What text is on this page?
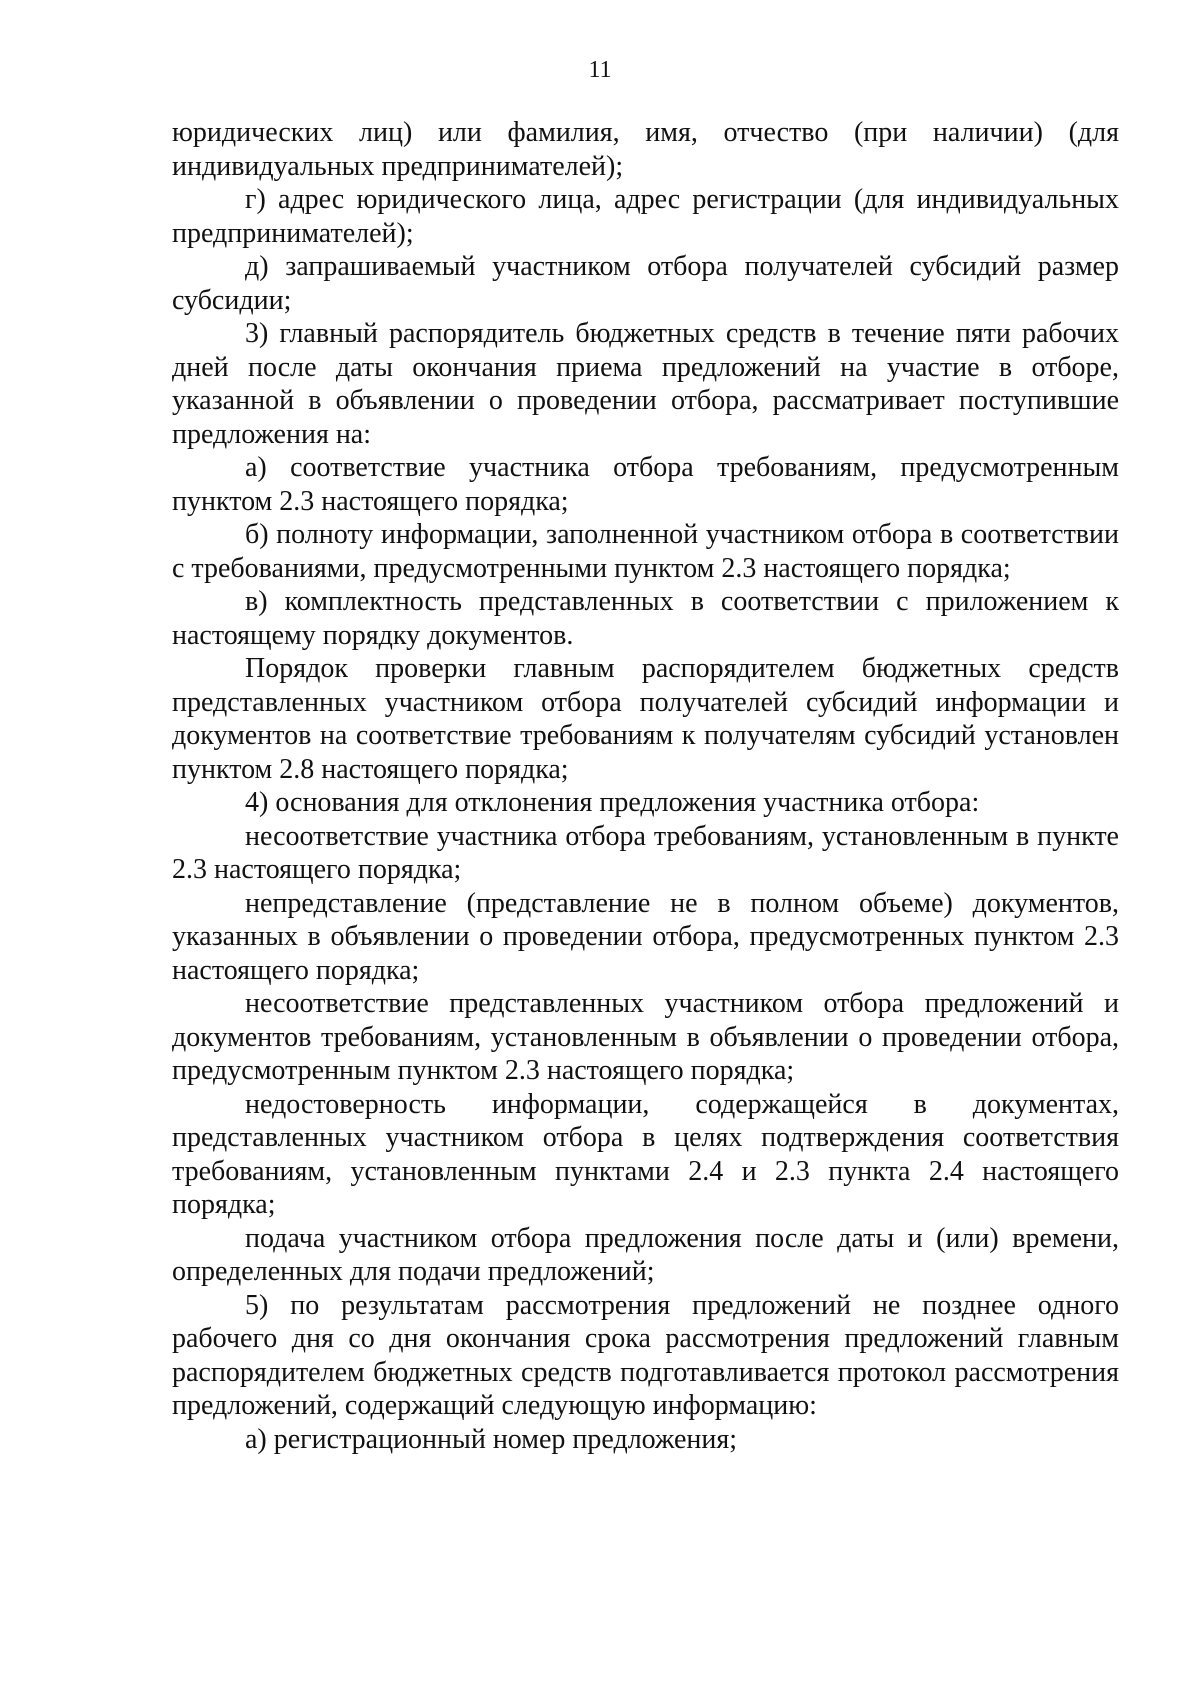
11

юридических лиц) или фамилия, имя, отчество (при наличии) (для индивидуальных предпринимателей);

г) адрес юридического лица, адрес регистрации (для индивидуальных предпринимателей);

д) запрашиваемый участником отбора получателей субсидий размер субсидии;

3) главный распорядитель бюджетных средств в течение пяти рабочих дней после даты окончания приема предложений на участие в отборе, указанной в объявлении о проведении отбора, рассматривает поступившие предложения на:

а) соответствие участника отбора требованиям, предусмотренным пунктом 2.3 настоящего порядка;

б) полноту информации, заполненной участником отбора в соответствии с требованиями, предусмотренными пунктом 2.3 настоящего порядка;

в) комплектность представленных в соответствии с приложением к настоящему порядку документов.

Порядок проверки главным распорядителем бюджетных средств представленных участником отбора получателей субсидий информации и документов на соответствие требованиям к получателям субсидий установлен пунктом 2.8 настоящего порядка;

4) основания для отклонения предложения участника отбора:

несоответствие участника отбора требованиям, установленным в пункте 2.3 настоящего порядка;

непредставление (представление не в полном объеме) документов, указанных в объявлении о проведении отбора, предусмотренных пунктом 2.3 настоящего порядка;

несоответствие представленных участником отбора предложений и документов требованиям, установленным в объявлении о проведении отбора, предусмотренным пунктом 2.3 настоящего порядка;

недостоверность информации, содержащейся в документах, представленных участником отбора в целях подтверждения соответствия требованиям, установленным пунктами 2.4 и 2.3 пункта 2.4 настоящего порядка;

подача участником отбора предложения после даты и (или) времени, определенных для подачи предложений;

5) по результатам рассмотрения предложений не позднее одного рабочего дня со дня окончания срока рассмотрения предложений главным распорядителем бюджетных средств подготавливается протокол рассмотрения предложений, содержащий следующую информацию:

а) регистрационный номер предложения;
